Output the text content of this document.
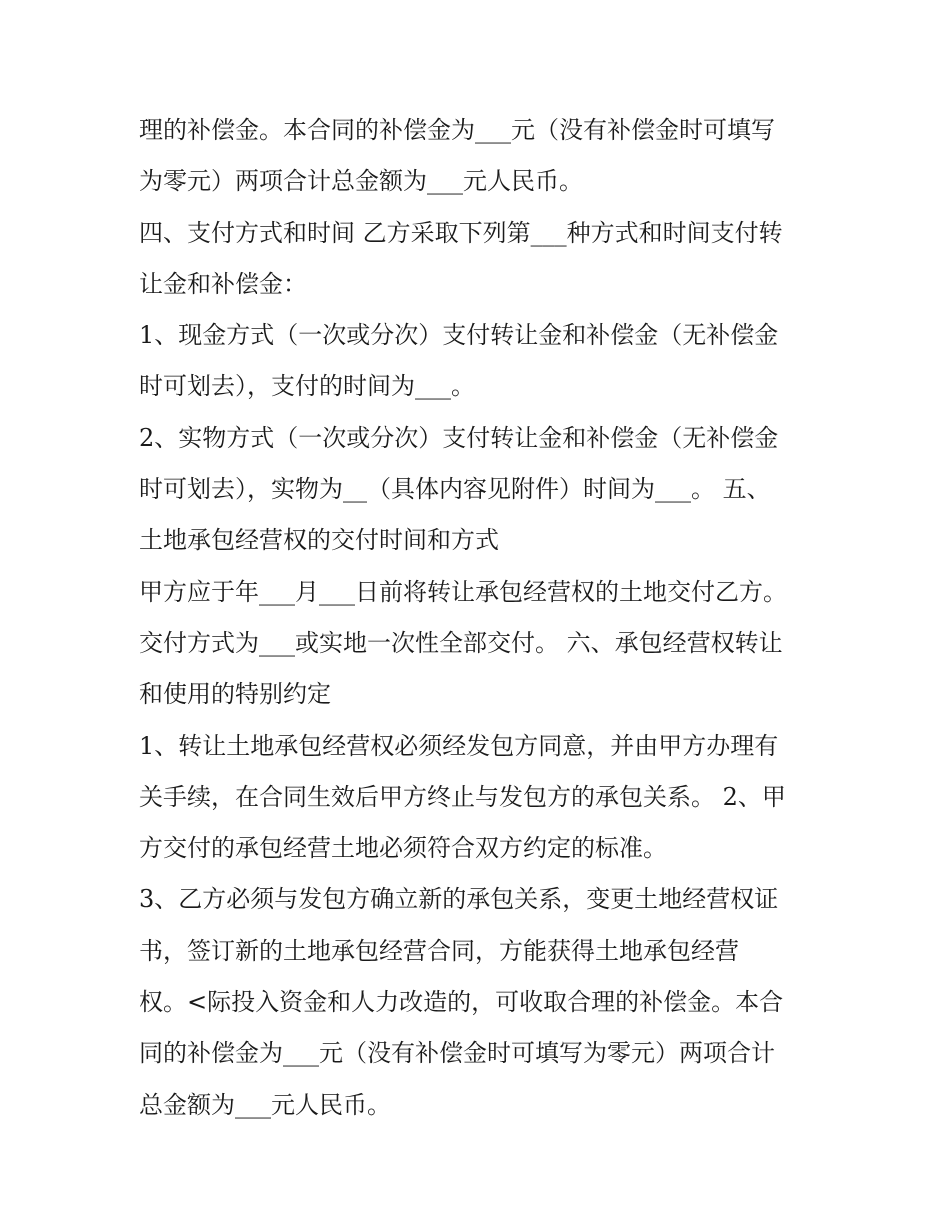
理的补偿金。本合同的补偿金为___元（没有补偿金时可填写
为零元）两项合计总金额为___元人民币。
四、支付方式和时间 乙方采取下列第___种方式和时间支付转
让金和补偿金：
1、现金方式（一次或分次）支付转让金和补偿金（无补偿金
时可划去），支付的时间为___。
2、实物方式（一次或分次）支付转让金和补偿金（无补偿金
时可划去），实物为__（具体内容见附件）时间为___。 五、
土地承包经营权的交付时间和方式
甲方应于年___月___日前将转让承包经营权的土地交付乙方。
交付方式为___或实地一次性全部交付。 六、承包经营权转让
和使用的特别约定
1、转让土地承包经营权必须经发包方同意，并由甲方办理有
关手续，在合同生效后甲方终止与发包方的承包关系。 2、甲
方交付的承包经营土地必须符合双方约定的标准。
3、乙方必须与发包方确立新的承包关系，变更土地经营权证
书，签订新的土地承包经营合同，方能获得土地承包经营
权。<际投入资金和人力改造的，可收取合理的补偿金。本合
同的补偿金为___元（没有补偿金时可填写为零元）两项合计
总金额为___元人民币。
